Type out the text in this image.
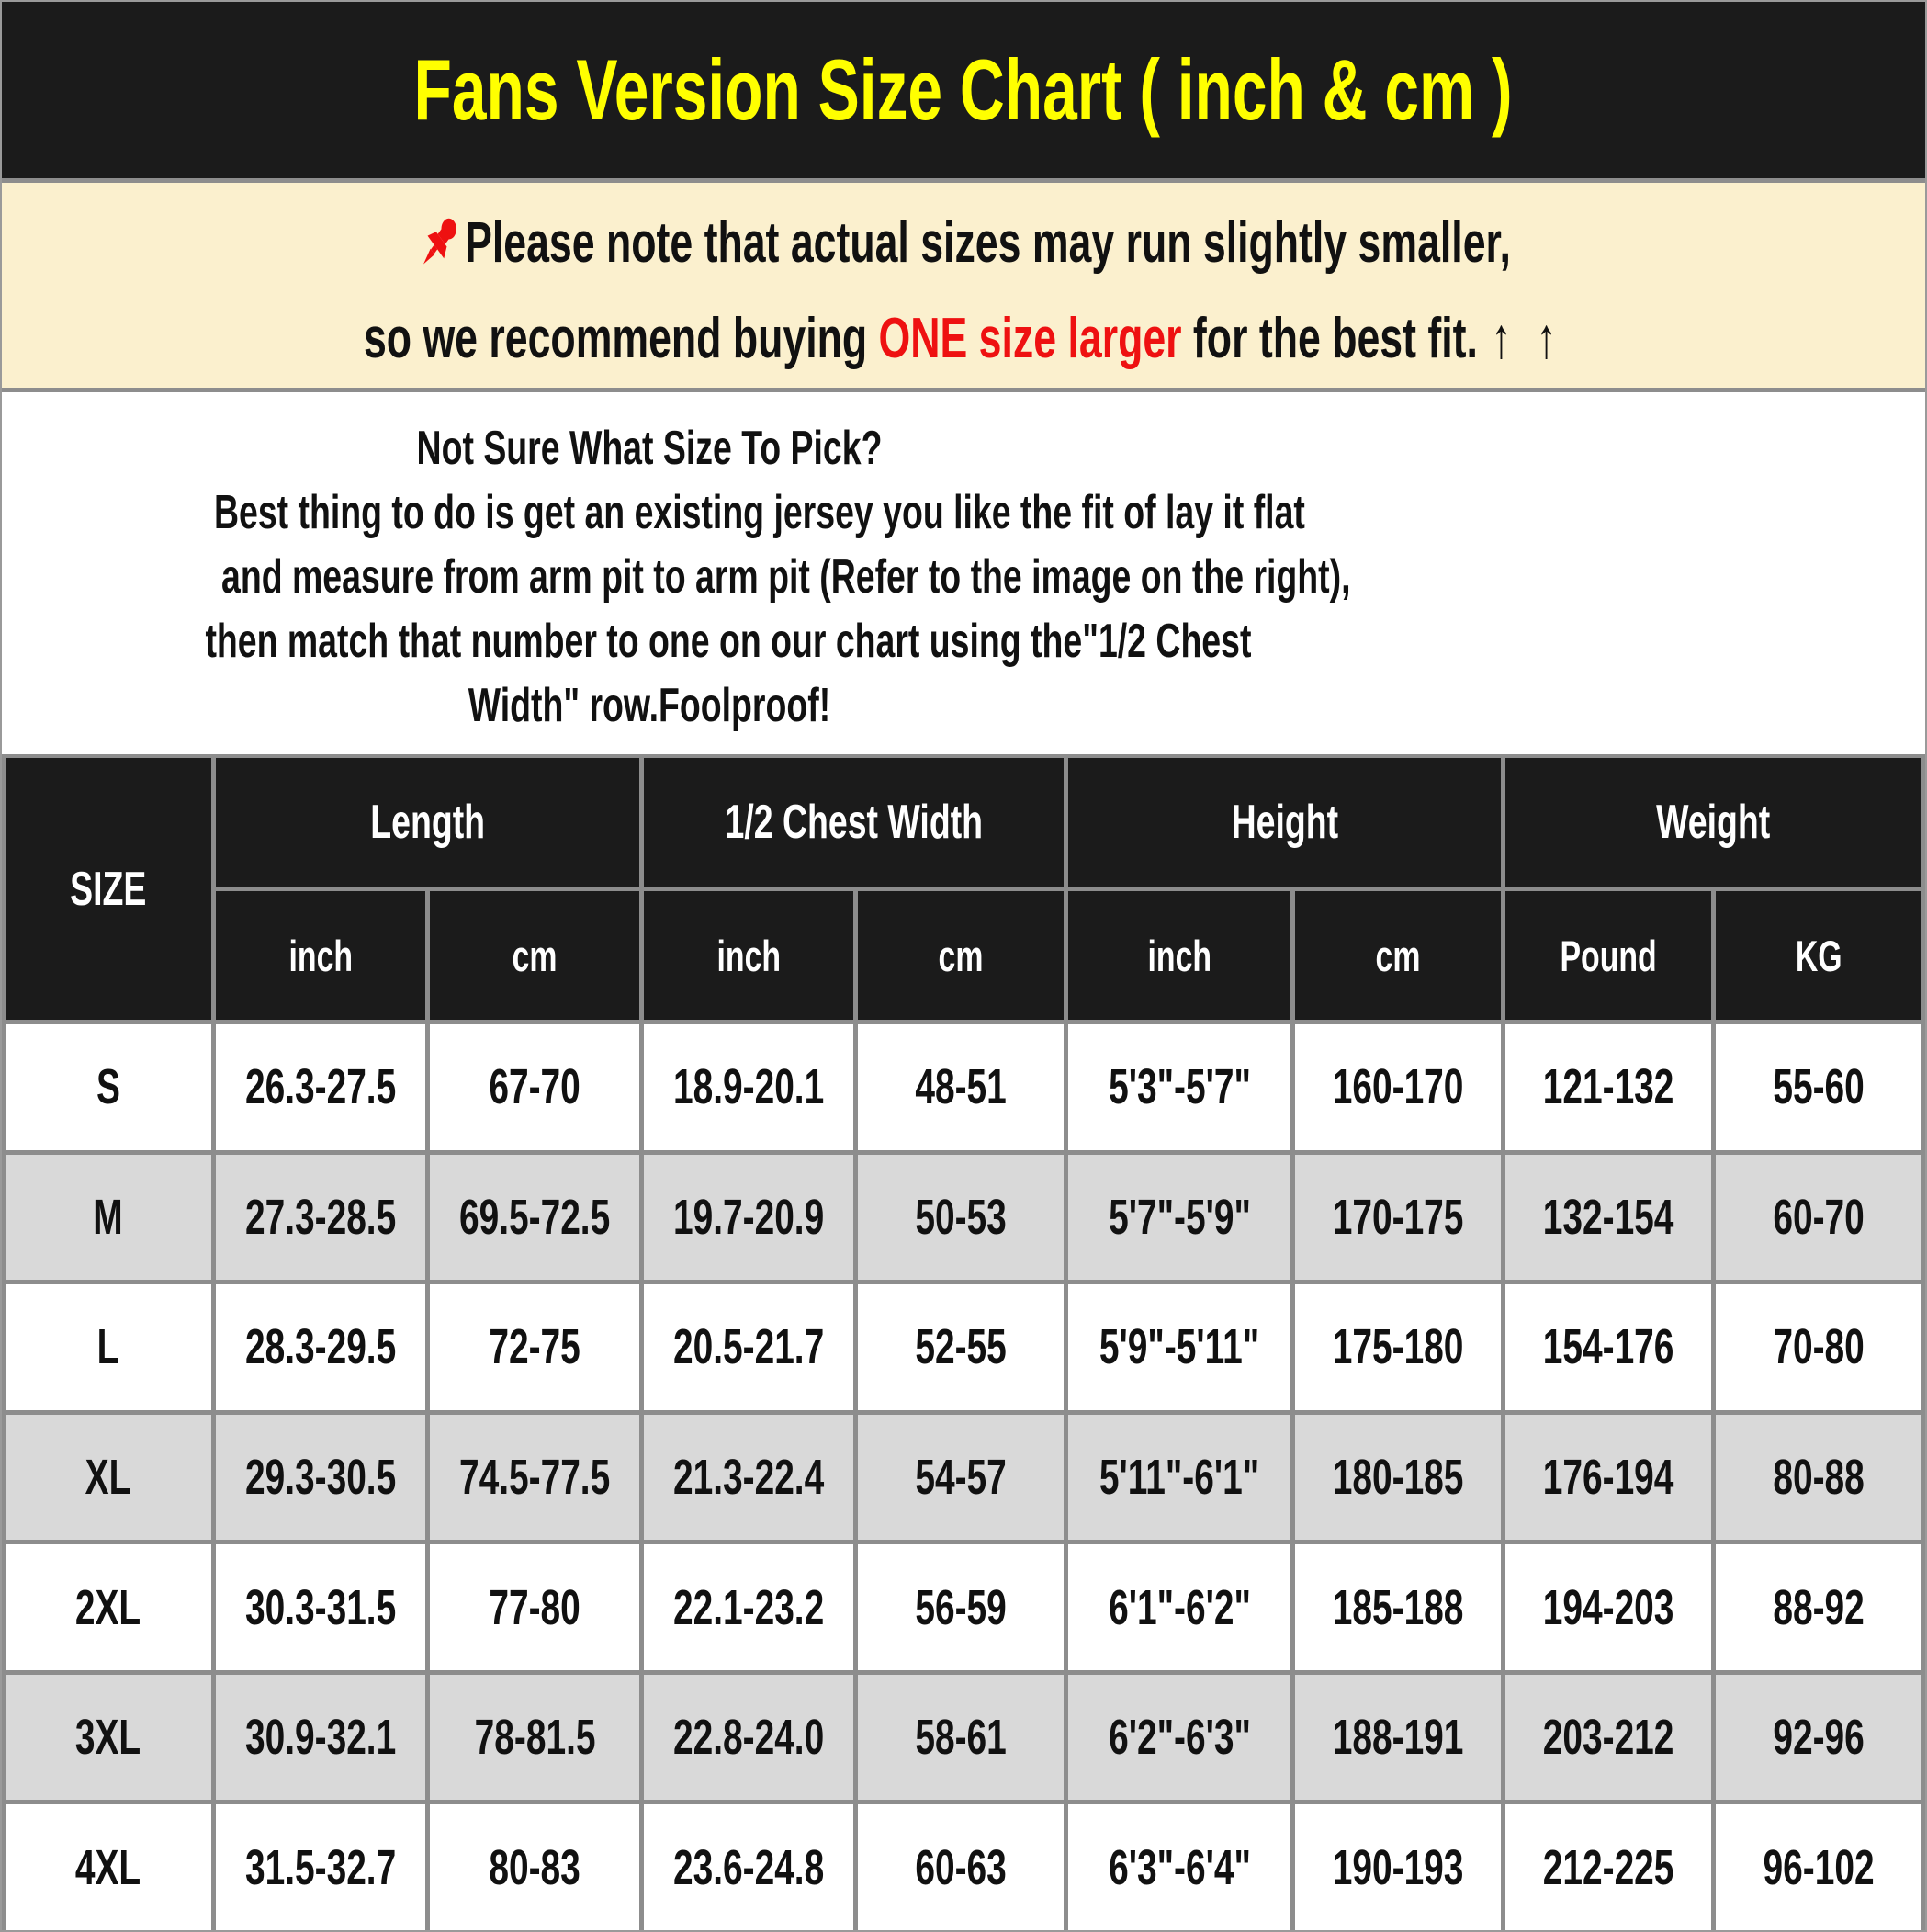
Fans Version Size Chart ( inch & cm )
Please note that actual sizes may run slightly smaller,
so we recommend buying ONE size larger for the best fit. ↑ ↑
Not Sure What Size To Pick?
Best thing to do is get an existing jersey you like the fit of lay it flat
and measure from arm pit to arm pit (Refer to the image on the right),
then match that number to one on our chart using the"1/2 Chest
Width" row.Foolproof!
SIZE
Length	1/2 Chest Width	Height	Weight
inch	cm	inch	cm	inch	cm	Pound	KG
S	26.3-27.5 67-70 18.9-20.1 48-51 5'3"-5'7" 160-170 121-132 55-60
M 27.3-28.5 69.5-72.5 19.7-20.9 50-53 5'7"-5'9" 170-175 132-154 60-70
L	28.3-29.5 72-75 20.5-21.7 52-55 5'9"-5'11" 175-180 154-176 70-80
XL 29.3-30.5 74.5-77.5 21.3-22.4 54-57 5'11"-6'1" 180-185 176-194 80-88
2XL 30.3-31.5 77-80 22.1-23.2 56-59 6'1"-6'2" 185-188 194-203 88-92
3XL 30.9-32.1 78-81.5 22.8-24.0 58-61 6'2"-6'3" 188-191 203-212 92-96
4XL 31.5-32.7 80-83 23.6-24.8 60-63 6'3"-6'4" 190-193 212-225 96-102
